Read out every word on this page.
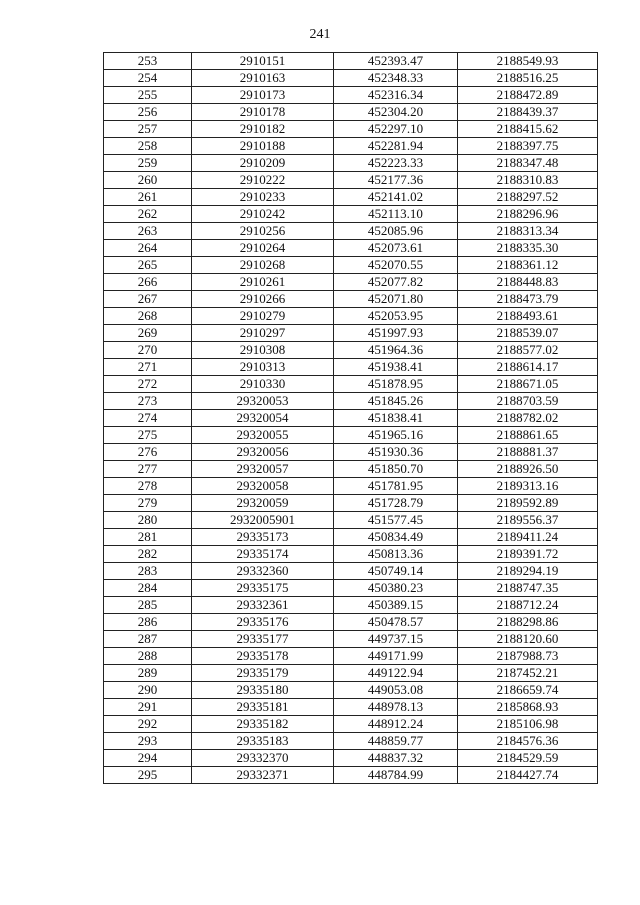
241
253	2910151	452393.47	2188549.93
254	2910163	452348.33	2188516.25
255	2910173	452316.34	2188472.89
256	2910178	452304.20	2188439.37
257	2910182	452297.10	2188415.62
258	2910188	452281.94	2188397.75
259	2910209	452223.33	2188347.48
260	2910222	452177.36	2188310.83
261	2910233	452141.02	2188297.52
262	2910242	452113.10	2188296.96
263	2910256	452085.96	2188313.34
264	2910264	452073.61	2188335.30
265	2910268	452070.55	2188361.12
266	2910261	452077.82	2188448.83
267	2910266	452071.80	2188473.79
268	2910279	452053.95	2188493.61
269	2910297	451997.93	2188539.07
270	2910308	451964.36	2188577.02
271	2910313	451938.41	2188614.17
272	2910330	451878.95	2188671.05
273	29320053	451845.26	2188703.59
274	29320054	451838.41	2188782.02
275	29320055	451965.16	2188861.65
276	29320056	451930.36	2188881.37
277	29320057	451850.70	2188926.50
278	29320058	451781.95	2189313.16
279	29320059	451728.79	2189592.89
280	2932005901	451577.45	2189556.37
281	29335173	450834.49	2189411.24
282	29335174	450813.36	2189391.72
283	29332360	450749.14	2189294.19
284	29335175	450380.23	2188747.35
285	29332361	450389.15	2188712.24
286	29335176	450478.57	2188298.86
287	29335177	449737.15	2188120.60
288	29335178	449171.99	2187988.73
289	29335179	449122.94	2187452.21
290	29335180	449053.08	2186659.74
291	29335181	448978.13	2185868.93
292	29335182	448912.24	2185106.98
293	29335183	448859.77	2184576.36
294	29332370	448837.32	2184529.59
295	29332371	448784.99	2184427.74
